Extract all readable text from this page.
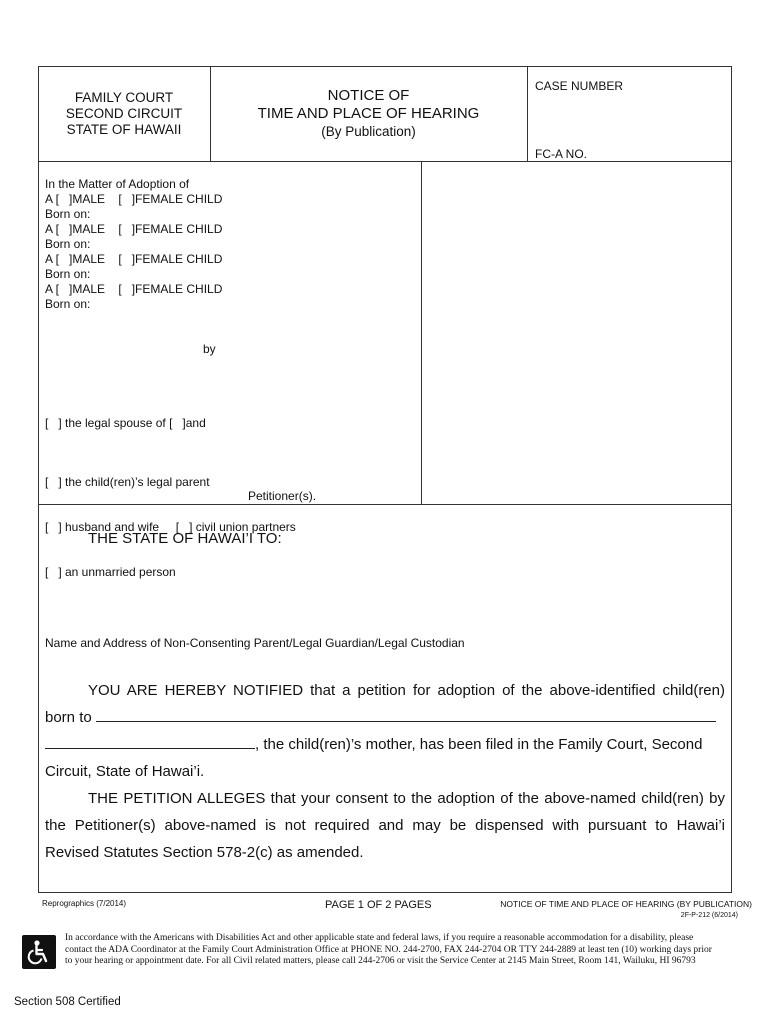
FAMILY COURT
SECOND CIRCUIT
STATE OF HAWAII
NOTICE OF
TIME AND PLACE OF HEARING
(By Publication)
CASE NUMBER
FC-A NO.
In the Matter of Adoption of
A [   ]MALE    [   ]FEMALE CHILD
Born on:
A [   ]MALE    [   ]FEMALE CHILD
Born on:
A [   ]MALE    [   ]FEMALE CHILD
Born on:
A [   ]MALE    [   ]FEMALE CHILD
Born on:
by
[   ] the legal spouse of [   ]and

[   ] the child(ren)’s legal parent

[   ] husband and wife     [   ] civil union partners

[   ] an unmarried person

Petitioner(s).
THE STATE OF HAWAI’I TO:
Name and Address of Non-Consenting Parent/Legal Guardian/Legal Custodian
YOU ARE HEREBY NOTIFIED that a petition for adoption of the above-identified child(ren)
born to
, the child(ren)’s mother, has been filed in the Family Court, Second
Circuit, State of Hawai’i.
THE PETITION ALLEGES that your consent to the adoption of the above-named child(ren) by
the Petitioner(s) above-named is not required and may be dispensed with pursuant to Hawai’i
Revised Statutes Section 578-2(c) as amended.
Reprographics (7/2014)	PAGE 1 OF 2 PAGES	NOTICE OF TIME AND PLACE OF HEARING (BY PUBLICATION)
2F-P-212 (6/2014)
In accordance with the Americans with Disabilities Act and other applicable state and federal laws, if you require a reasonable accommodation for a disability, please contact the ADA Coordinator at the Family Court Administration Office at PHONE NO. 244-2700, FAX 244-2704 OR TTY 244-2889 at least ten (10) working days prior to your hearing or appointment date. For all Civil related matters, please call 244-2706 or visit the Service Center at 2145 Main Street, Room 141, Wailuku, HI 96793
Section 508 Certified
